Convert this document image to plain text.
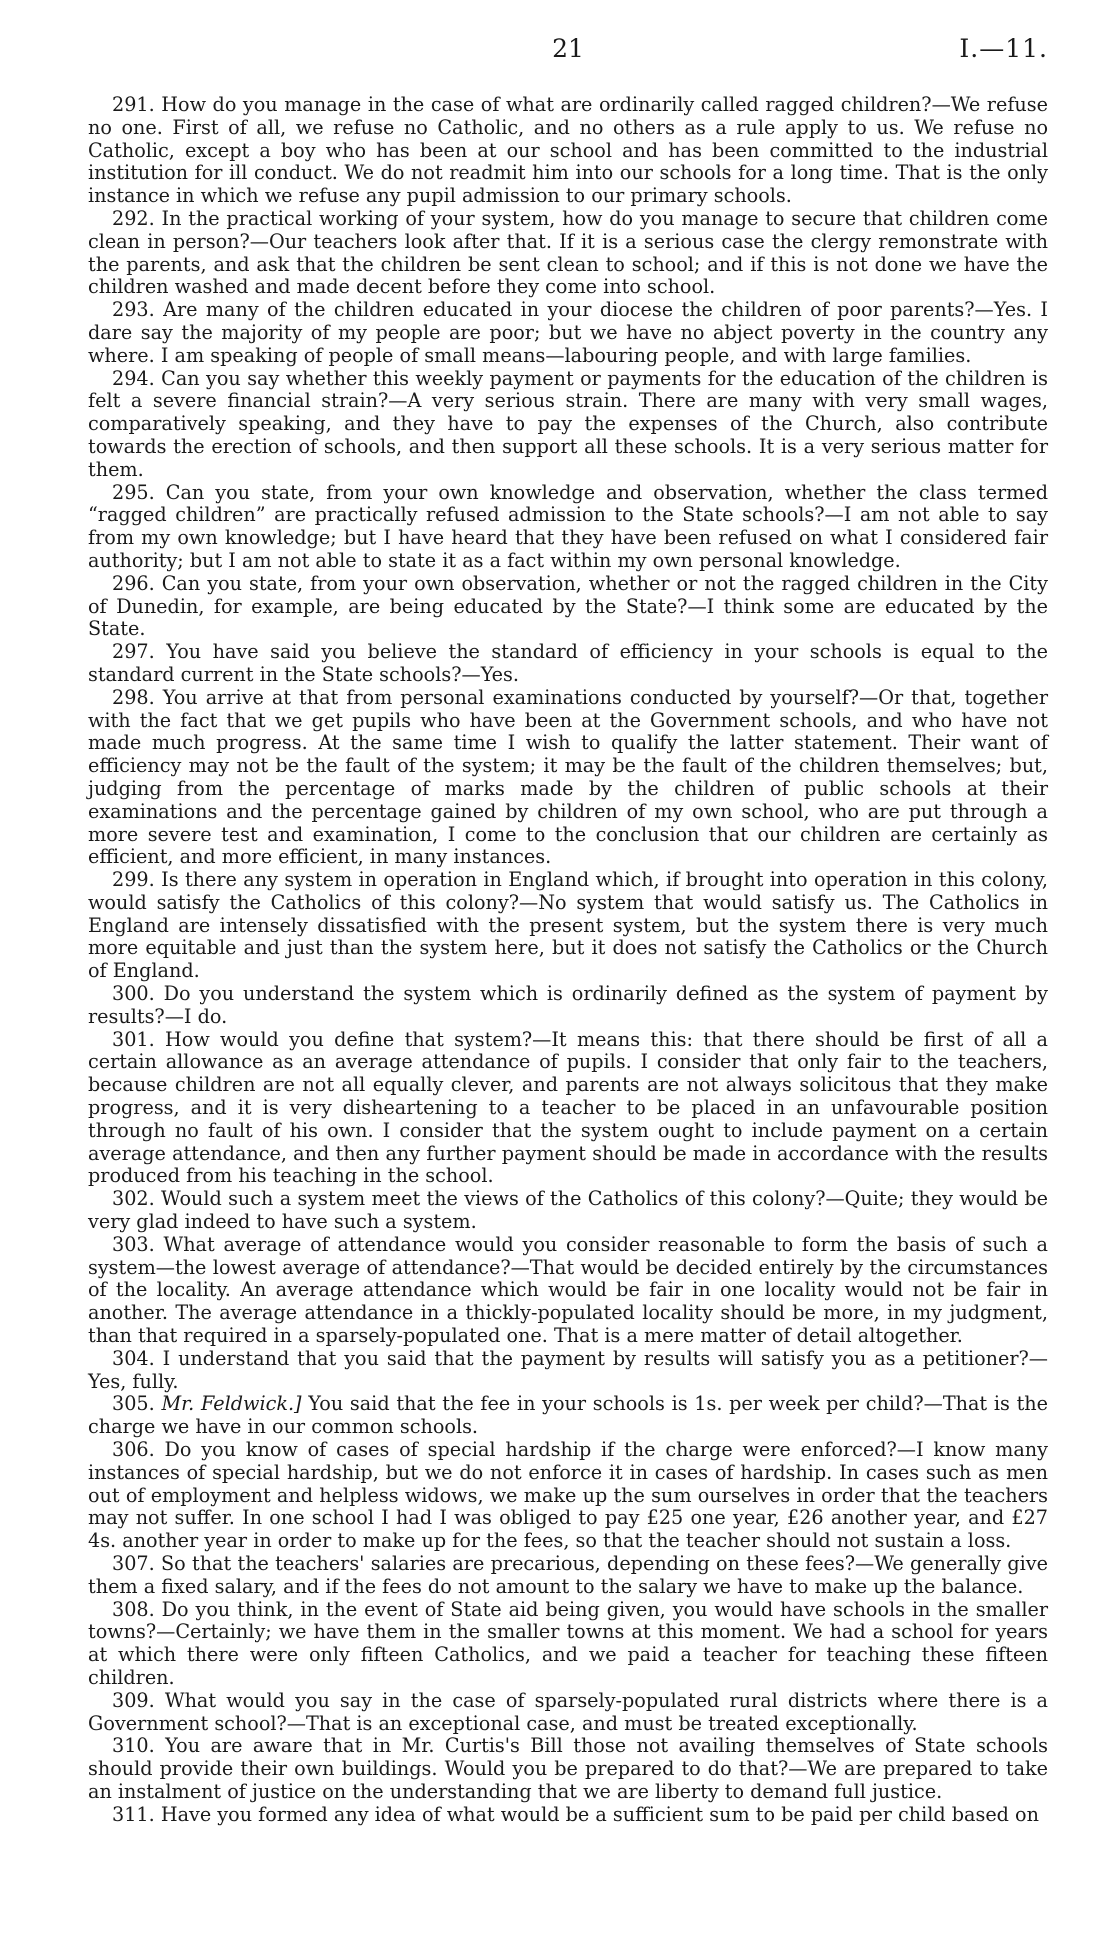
21	I.—11.

291. How do you manage in the case of what are ordinarily called ragged children?—We refuse no one. First of all, we refuse no Catholic, and no others as a rule apply to us. We refuse no Catholic, except a boy who has been at our school and has been committed to the industrial institution for ill conduct. We do not readmit him into our schools for a long time. That is the only instance in which we refuse any pupil admission to our primary schools.

292. In the practical working of your system, how do you manage to secure that children come clean in person?—Our teachers look after that. If it is a serious case the clergy remonstrate with the parents, and ask that the children be sent clean to school; and if this is not done we have the children washed and made decent before they come into school.

293. Are many of the children educated in your diocese the children of poor parents?—Yes. I dare say the majority of my people are poor; but we have no abject poverty in the country any where. I am speaking of people of small means—labouring people, and with large families.

294. Can you say whether this weekly payment or payments for the education of the children is felt a severe financial strain?—A very serious strain. There are many with very small wages, comparatively speaking, and they have to pay the expenses of the Church, also contribute towards the erection of schools, and then support all these schools. It is a very serious matter for them.

295. Can you state, from your own knowledge and observation, whether the class termed “ragged children” are practically refused admission to the State schools?—I am not able to say from my own knowledge; but I have heard that they have been refused on what I considered fair authority; but I am not able to state it as a fact within my own personal knowledge.

296. Can you state, from your own observation, whether or not the ragged children in the City of Dunedin, for example, are being educated by the State?—I think some are educated by the State.

297. You have said you believe the standard of efficiency in your schools is equal to the standard current in the State schools?—Yes.

298. You arrive at that from personal examinations conducted by yourself?—Or that, together with the fact that we get pupils who have been at the Government schools, and who have not made much progress. At the same time I wish to qualify the latter statement. Their want of efficiency may not be the fault of the system; it may be the fault of the children themselves; but, judging from the percentage of marks made by the children of public schools at their examinations and the percentage gained by children of my own school, who are put through a more severe test and examination, I come to the conclusion that our children are certainly as efficient, and more efficient, in many instances.

299. Is there any system in operation in England which, if brought into operation in this colony, would satisfy the Catholics of this colony?—No system that would satisfy us. The Catholics in England are intensely dissatisfied with the present system, but the system there is very much more equitable and just than the system here, but it does not satisfy the Catholics or the Church of England.

300. Do you understand the system which is ordinarily defined as the system of payment by results?—I do.

301. How would you define that system?—It means this: that there should be first of all a certain allowance as an average attendance of pupils. I consider that only fair to the teachers, because children are not all equally clever, and parents are not always solicitous that they make progress, and it is very disheartening to a teacher to be placed in an unfavourable position through no fault of his own. I consider that the system ought to include payment on a certain average attendance, and then any further payment should be made in accordance with the results produced from his teaching in the school.

302. Would such a system meet the views of the Catholics of this colony?—Quite; they would be very glad indeed to have such a system.

303. What average of attendance would you consider reasonable to form the basis of such a system—the lowest average of attendance?—That would be decided entirely by the circumstances of the locality. An average attendance which would be fair in one locality would not be fair in another. The average attendance in a thickly-populated locality should be more, in my judgment, than that required in a sparsely-populated one. That is a mere matter of detail altogether.

304. I understand that you said that the payment by results will satisfy you as a petitioner?—Yes, fully.

305. Mr. Feldwick.] You said that the fee in your schools is 1s. per week per child?—That is the charge we have in our common schools.

306. Do you know of cases of special hardship if the charge were enforced?—I know many instances of special hardship, but we do not enforce it in cases of hardship. In cases such as men out of employment and helpless widows, we make up the sum ourselves in order that the teachers may not suffer. In one school I had I was obliged to pay £25 one year, £26 another year, and £27 4s. another year in order to make up for the fees, so that the teacher should not sustain a loss.

307. So that the teachers' salaries are precarious, depending on these fees?—We generally give them a fixed salary, and if the fees do not amount to the salary we have to make up the balance.

308. Do you think, in the event of State aid being given, you would have schools in the smaller towns?—Certainly; we have them in the smaller towns at this moment. We had a school for years at which there were only fifteen Catholics, and we paid a teacher for teaching these fifteen children.

309. What would you say in the case of sparsely-populated rural districts where there is a Government school?—That is an exceptional case, and must be treated exceptionally.

310. You are aware that in Mr. Curtis's Bill those not availing themselves of State schools should provide their own buildings. Would you be prepared to do that?—We are prepared to take an instalment of justice on the understanding that we are liberty to demand full justice.

311. Have you formed any idea of what would be a sufficient sum to be paid per child based on
